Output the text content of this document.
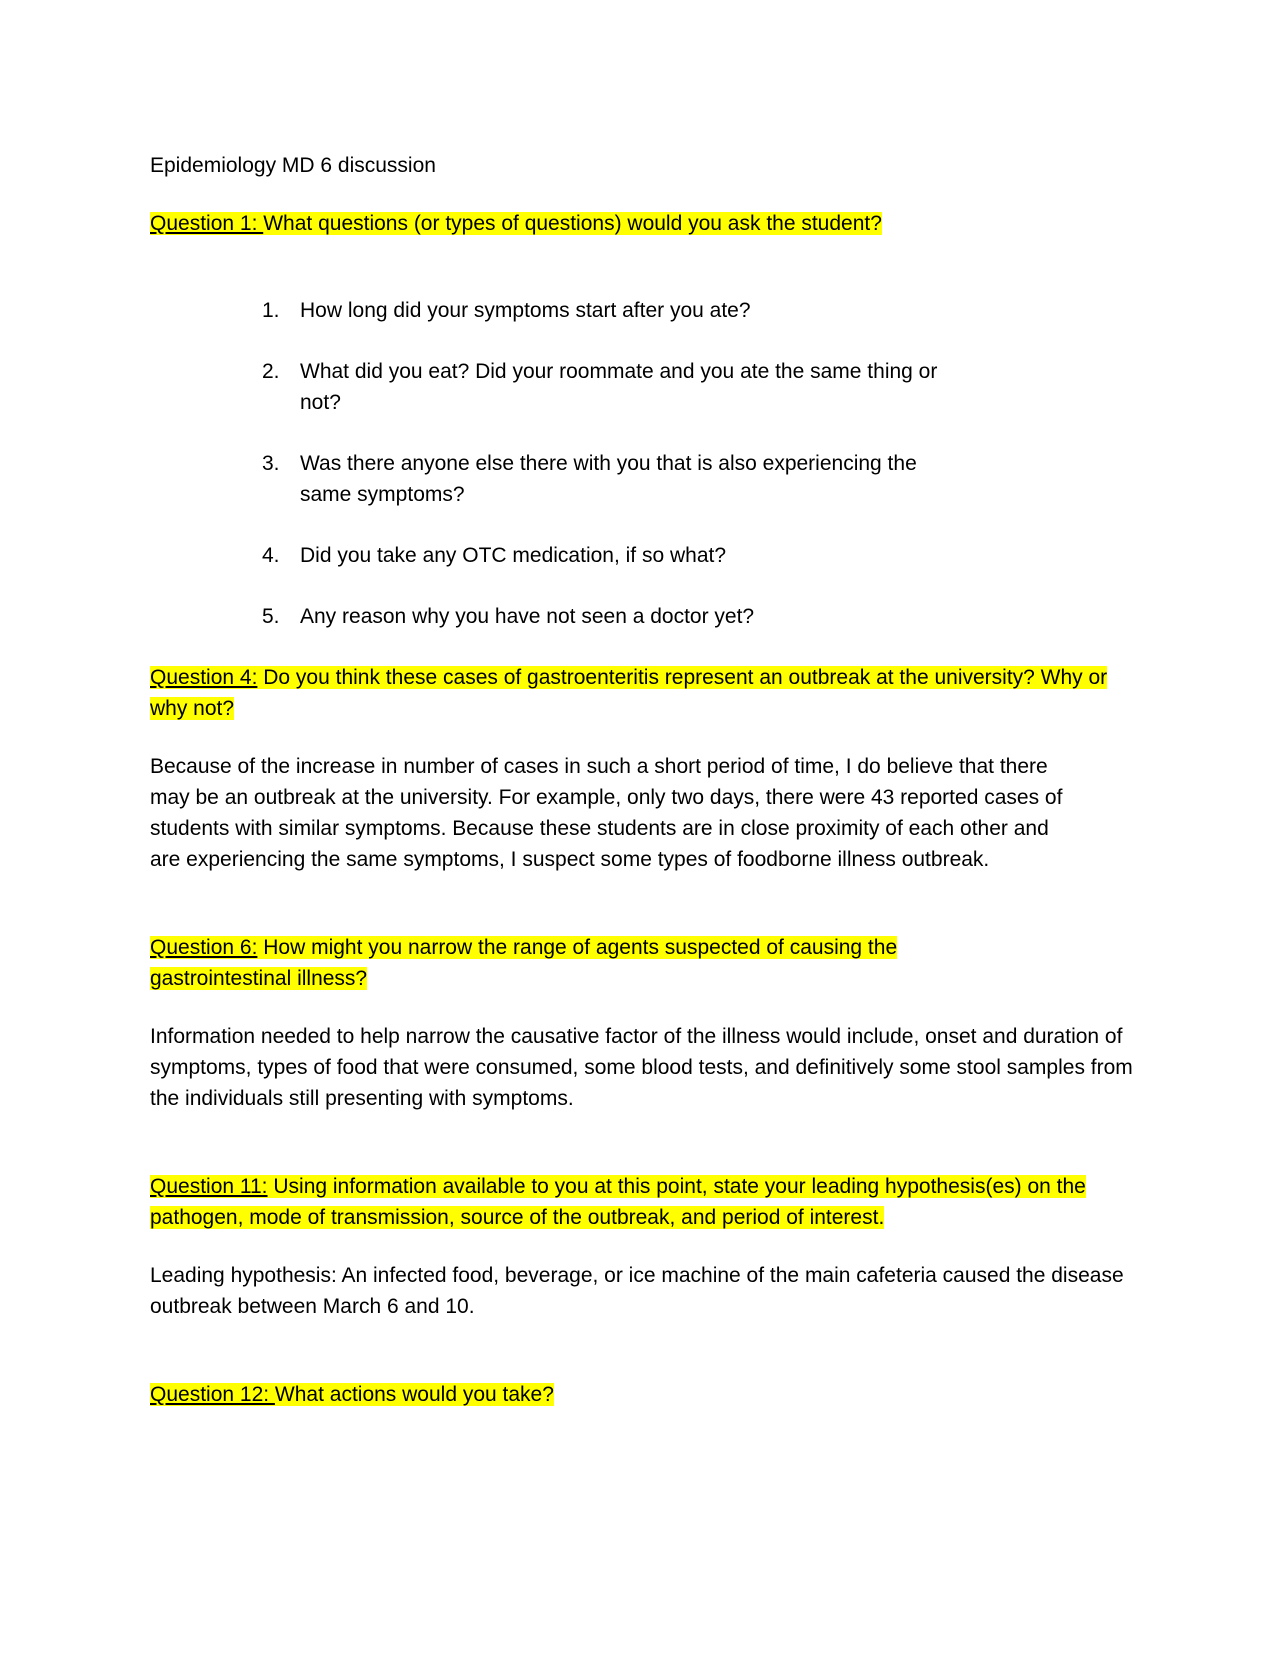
Epidemiology MD 6 discussion

Question 1: What questions (or types of questions) would you ask the student?

1. How long did your symptoms start after you ate?
2. What did you eat? Did your roommate and you ate the same thing or not?
3. Was there anyone else there with you that is also experiencing the same symptoms?
4. Did you take any OTC medication, if so what?
5. Any reason why you have not seen a doctor yet?

Question 4: Do you think these cases of gastroenteritis represent an outbreak at the university? Why or why not?

Because of the increase in number of cases in such a short period of time, I do believe that there may be an outbreak at the university. For example, only two days, there were 43 reported cases of students with similar symptoms. Because these students are in close proximity of each other and are experiencing the same symptoms, I suspect some types of foodborne illness outbreak.

Question 6: How might you narrow the range of agents suspected of causing the gastrointestinal illness?

Information needed to help narrow the causative factor of the illness would include, onset and duration of symptoms, types of food that were consumed, some blood tests, and definitively some stool samples from the individuals still presenting with symptoms.

Question 11: Using information available to you at this point, state your leading hypothesis(es) on the pathogen, mode of transmission, source of the outbreak, and period of interest.

Leading hypothesis: An infected food, beverage, or ice machine of the main cafeteria caused the disease outbreak between March 6 and 10.

Question 12: What actions would you take?
